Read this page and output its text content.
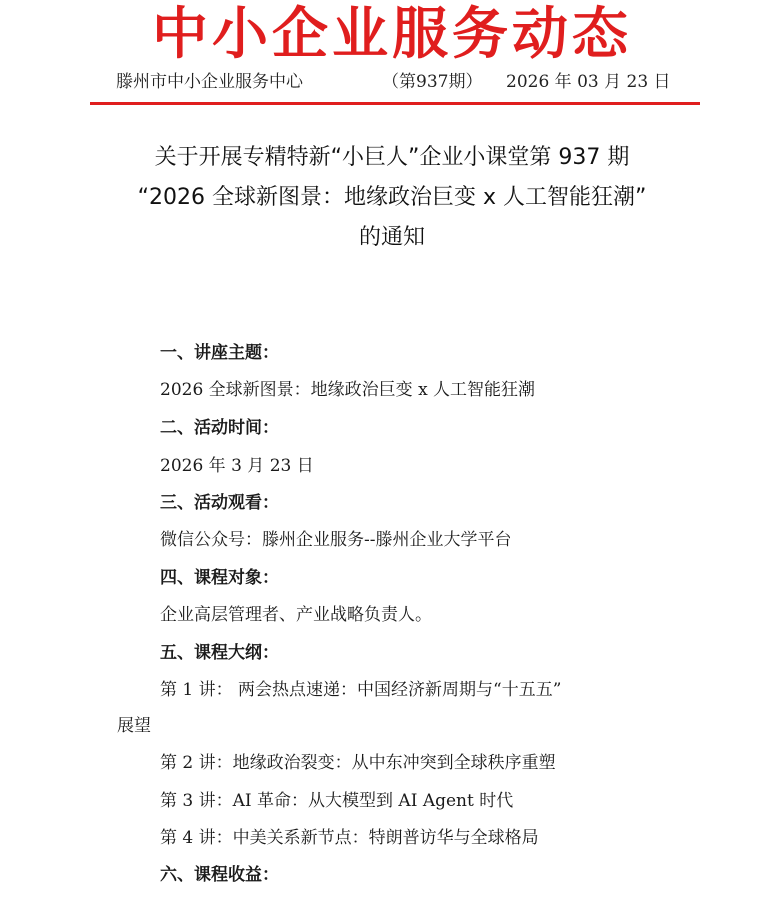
中小企业服务动态
滕州市中小企业服务中心	（第937期） 2026 年 03 月 23 日
关于开展专精特新“小巨人”企业小课堂第 937 期
“2026 全球新图景：地缘政治巨变 x 人工智能狂潮”
的通知
一、讲座主题：
2026 全球新图景：地缘政治巨变 x 人工智能狂潮
二、活动时间：
2026 年 3 月 23 日
三、活动观看：
微信公众号：滕州企业服务--滕州企业大学平台
四、课程对象：
企业高层管理者、产业战略负责人。
五、课程大纲：
第 1 讲： 两会热点速递：中国经济新周期与“十五五”
展望
第 2 讲：地缘政治裂变：从中东冲突到全球秩序重塑
第 3 讲：AI 革命：从大模型到 AI Agent 时代
第 4 讲：中美关系新节点：特朗普访华与全球格局
六、课程收益：
